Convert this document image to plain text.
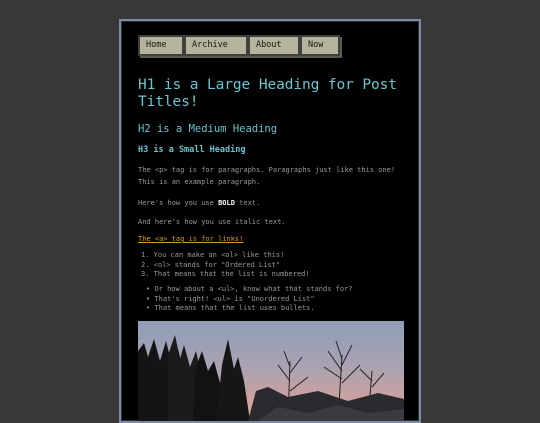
Home	Archive	About	Now
H1 is a Large Heading for Post Titles!
H2 is a Medium Heading
H3 is a Small Heading

The <p> tag is for paragraphs. Paragraphs just like this one! This is an example paragraph.

Here's how you use BOLD text.

And here's how you use italic text.

The <a> tag is for links!
1. You can make an <ol> like this!
2. <ol> stands for "Ordered List"
3. That means that the list is numbered!
• Or how about a <ul>, know what that stands for?
• That's right! <ul> is "Unordered List"
• That means that the list uses bullets.
